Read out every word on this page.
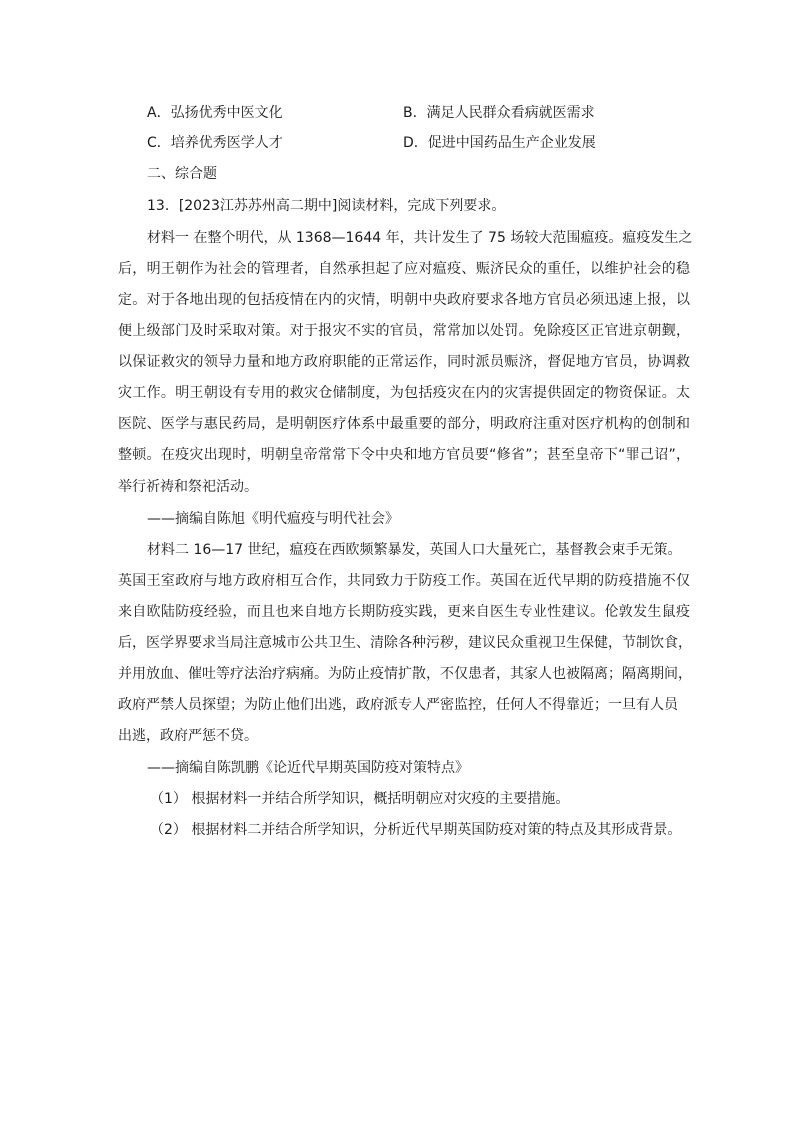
A．弘扬优秀中医文化	B．满足人民群众看病就医需求
C．培养优秀医学人才	D．促进中国药品生产企业发展
二、综合题
13．[2023江苏苏州高二期中]阅读材料，完成下列要求。
材料一 在整个明代，从 1368—1644 年，共计发生了 75 场较大范围瘟疫。瘟疫发生之
后，明王朝作为社会的管理者，自然承担起了应对瘟疫、赈济民众的重任，以维护社会的稳
定。对于各地出现的包括疫情在内的灾情，明朝中央政府要求各地方官员必须迅速上报，以
便上级部门及时采取对策。对于报灾不实的官员，常常加以处罚。免除疫区正官进京朝觐，
以保证救灾的领导力量和地方政府职能的正常运作，同时派员赈济，督促地方官员，协调救
灾工作。明王朝设有专用的救灾仓储制度，为包括疫灾在内的灾害提供固定的物资保证。太
医院、医学与惠民药局，是明朝医疗体系中最重要的部分，明政府注重对医疗机构的创制和
整顿。在疫灾出现时，明朝皇帝常常下令中央和地方官员要“修省”；甚至皇帝下“罪己诏”，
举行祈祷和祭祀活动。
——摘编自陈旭《明代瘟疫与明代社会》
材料二 16—17 世纪，瘟疫在西欧频繁暴发，英国人口大量死亡，基督教会束手无策。
英国王室政府与地方政府相互合作，共同致力于防疫工作。英国在近代早期的防疫措施不仅
来自欧陆防疫经验，而且也来自地方长期防疫实践，更来自医生专业性建议。伦敦发生鼠疫
后，医学界要求当局注意城市公共卫生、清除各种污秽，建议民众重视卫生保健，节制饮食，
并用放血、催吐等疗法治疗病痛。为防止疫情扩散，不仅患者，其家人也被隔离；隔离期间，
政府严禁人员探望；为防止他们出逃，政府派专人严密监控，任何人不得靠近；一旦有人员
出逃，政府严惩不贷。
——摘编自陈凯鹏《论近代早期英国防疫对策特点》
（1） 根据材料一并结合所学知识，概括明朝应对灾疫的主要措施。
（2） 根据材料二并结合所学知识，分析近代早期英国防疫对策的特点及其形成背景。
